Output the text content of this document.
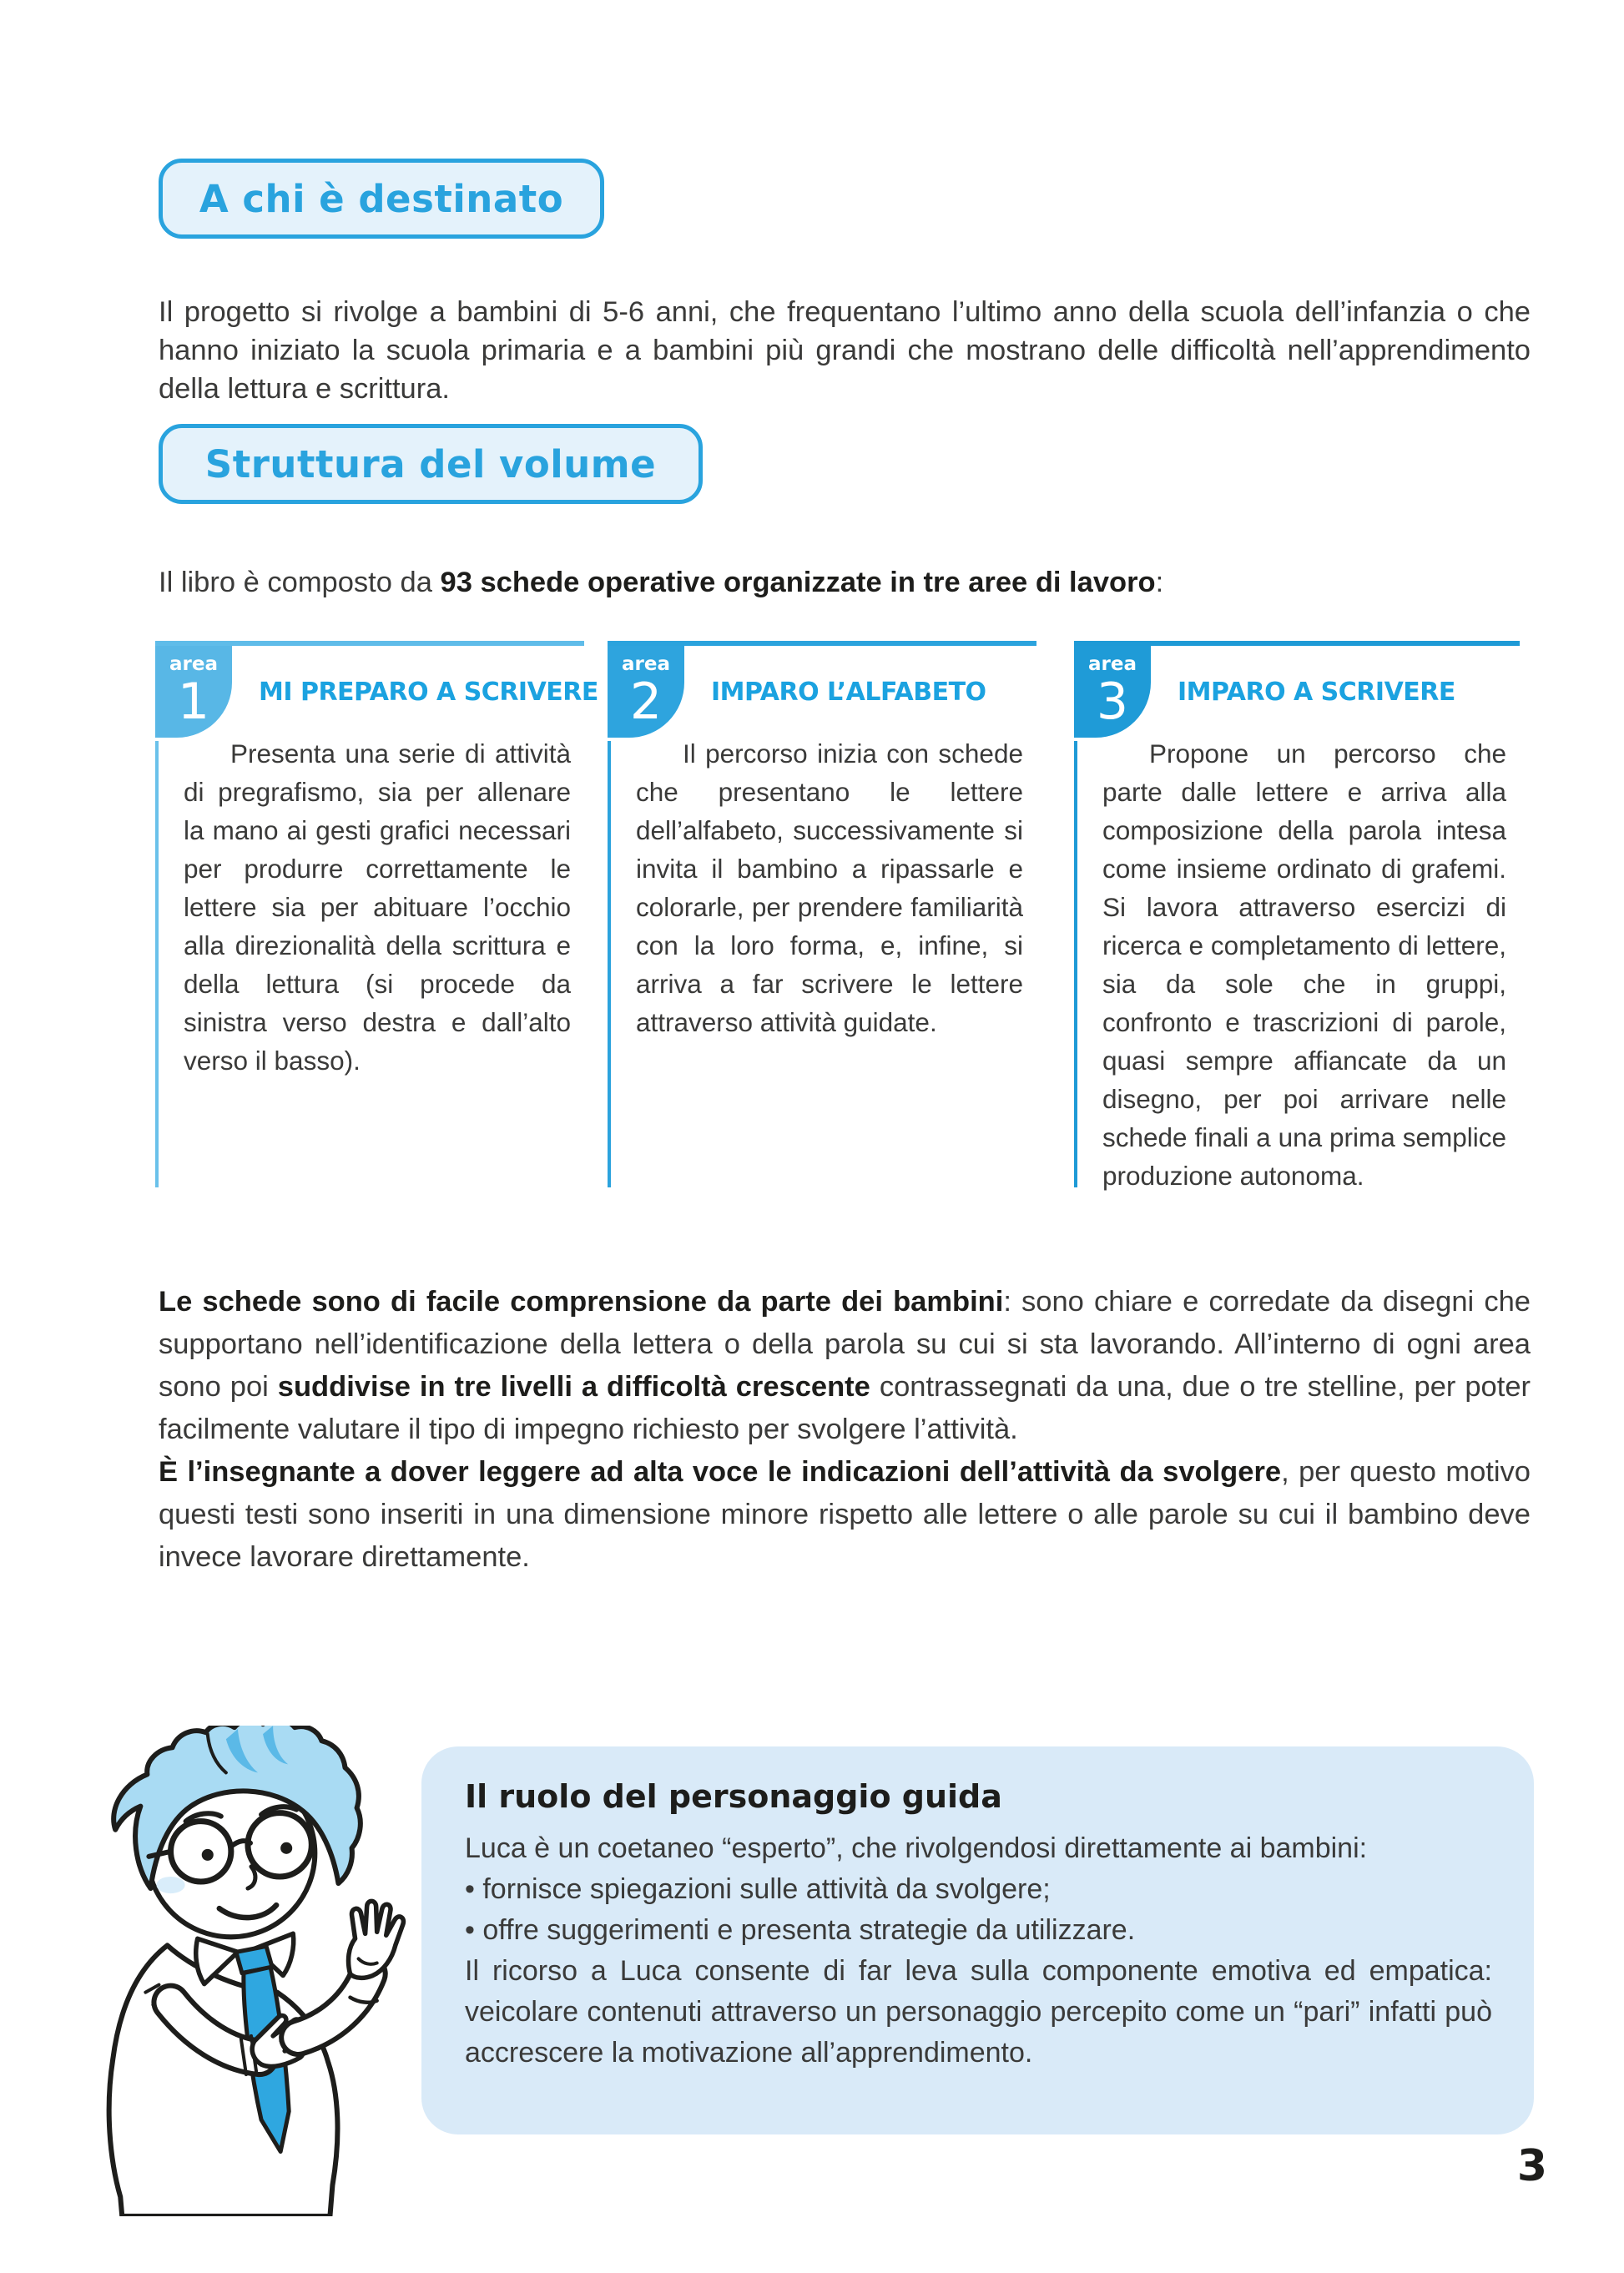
A chi è destinato

Il progetto si rivolge a bambini di 5-6 anni, che frequentano l’ultimo anno della scuola dell’infanzia o che hanno iniziato la scuola primaria e a bambini più grandi che mostrano delle difficoltà nell’apprendimento della lettura e scrittura.

Struttura del volume

Il libro è composto da 93 schede operative organizzate in tre aree di lavoro:

area
1	MI PREPARO A SCRIVERE
Presenta una serie di attività di pregrafismo, sia per allenare la mano ai gesti grafici necessari per produrre correttamente le lettere sia per abituare l’occhio alla direzionalità della scrittura e della lettura (si procede da sinistra verso destra e dall’alto verso il basso).
area
2	IMPARO L’ALFABETO
Il percorso inizia con schede che presentano le lettere dell’alfabeto, successivamente si invita il bambino a ripassarle e colorarle, per prendere familiarità con la loro forma, e, infine, si arriva a far scrivere le lettere attraverso attività guidate.
area
3	IMPARO A SCRIVERE
Propone un percorso che parte dalle lettere e arriva alla composizione della parola intesa come insieme ordinato di grafemi. Si lavora attraverso esercizi di ricerca e completamento di lettere, sia da sole che in gruppi, confronto e trascrizioni di parole, quasi sempre affiancate da un disegno, per poi arrivare nelle schede finali a una prima semplice produzione autonoma.

Le schede sono di facile comprensione da parte dei bambini: sono chiare e corredate da disegni che supportano nell’identificazione della lettera o della parola su cui si sta lavorando. All’interno di ogni area sono poi suddivise in tre livelli a difficoltà crescente contrassegnati da una, due o tre stelline, per poter facilmente valutare il tipo di impegno richiesto per svolgere l’attività.

È l’insegnante a dover leggere ad alta voce le indicazioni dell’attività da svolgere, per questo motivo questi testi sono inseriti in una dimensione minore rispetto alle lettere o alle parole su cui il bambino deve invece lavorare direttamente.

Il ruolo del personaggio guida

Luca è un coetaneo “esperto”, che rivolgendosi direttamente ai bambini:

• fornisce spiegazioni sulle attività da svolgere;
• offre suggerimenti e presenta strategie da utilizzare.

Il ricorso a Luca consente di far leva sulla componente emotiva ed empatica: veicolare contenuti attraverso un personaggio percepito come un “pari” infatti può accrescere la motivazione all’apprendimento.

3
